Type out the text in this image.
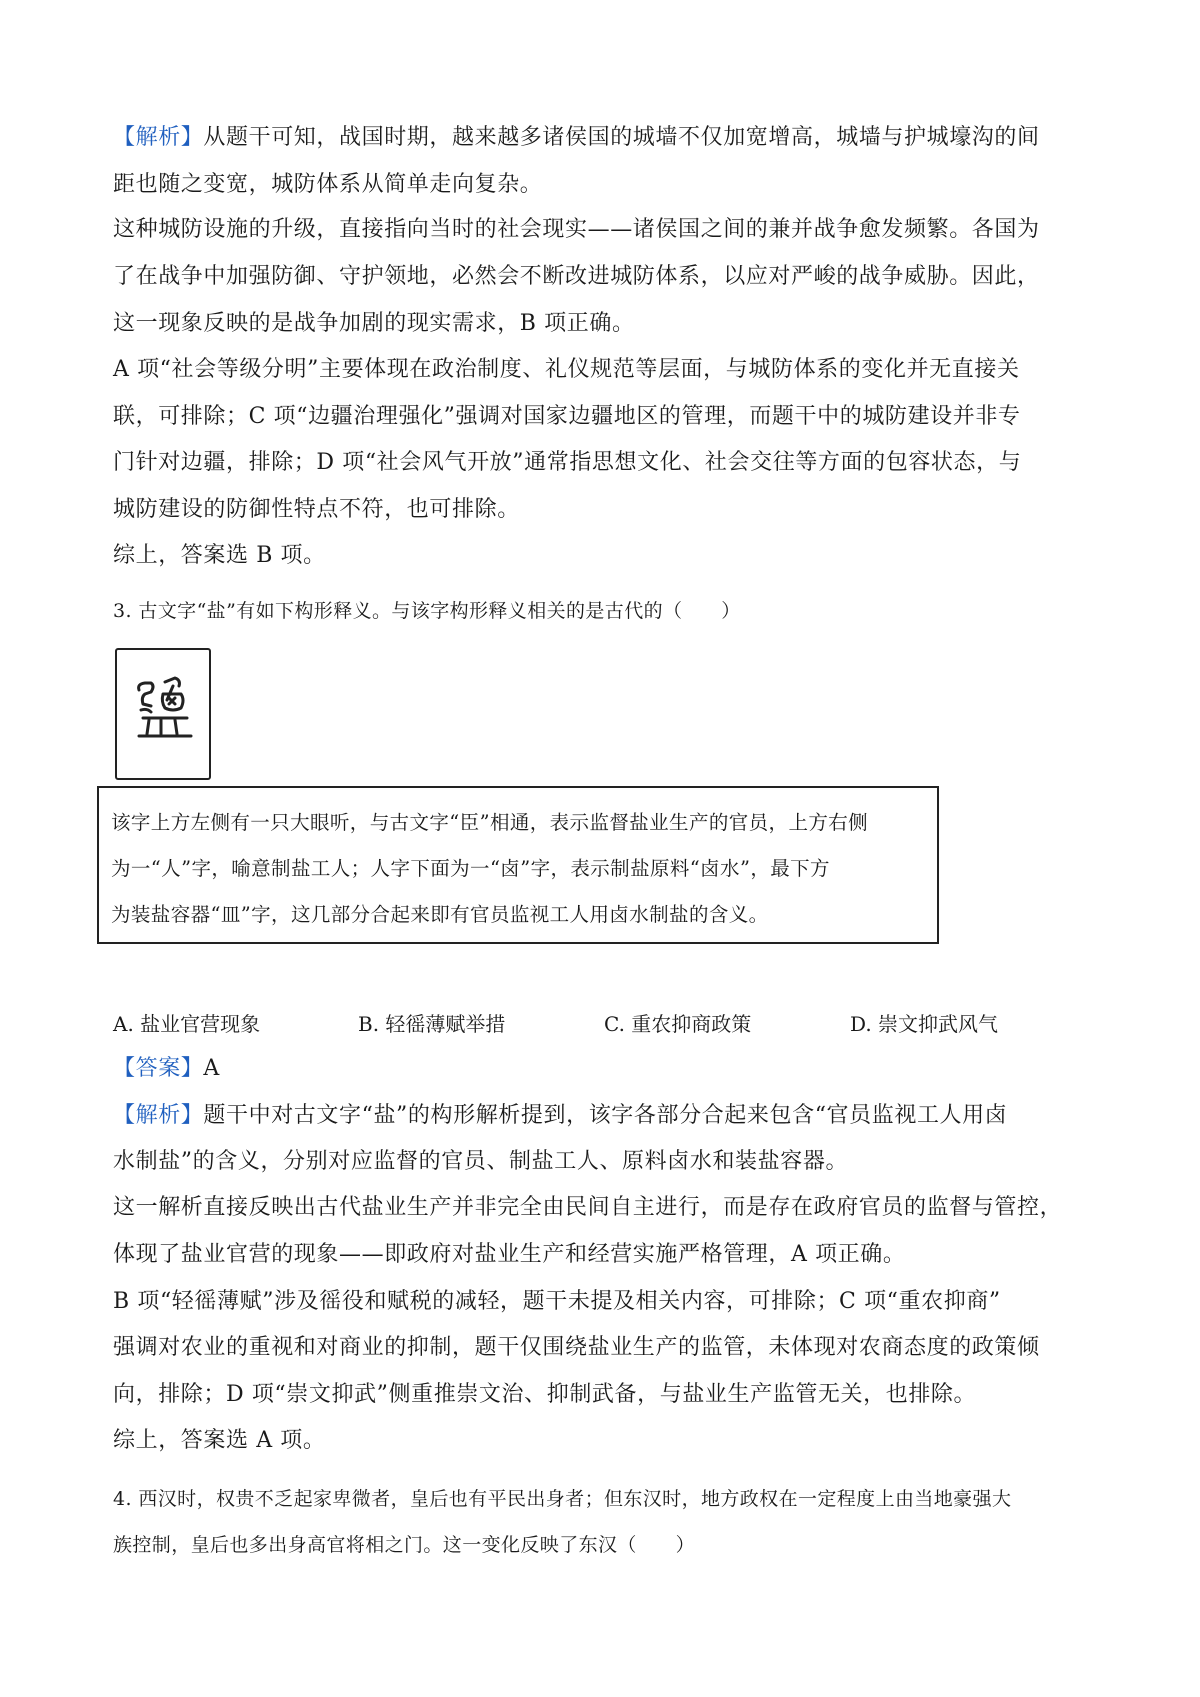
【解析】从题干可知，战国时期，越来越多诸侯国的城墙不仅加宽增高，城墙与护城壕沟的间
距也随之变宽，城防体系从简单走向复杂。
这种城防设施的升级，直接指向当时的社会现实——诸侯国之间的兼并战争愈发频繁。各国为
了在战争中加强防御、守护领地，必然会不断改进城防体系，以应对严峻的战争威胁。因此，
这一现象反映的是战争加剧的现实需求，B 项正确。
A 项“社会等级分明”主要体现在政治制度、礼仪规范等层面，与城防体系的变化并无直接关
联，可排除；C 项“边疆治理强化”强调对国家边疆地区的管理，而题干中的城防建设并非专
门针对边疆，排除；D 项“社会风气开放”通常指思想文化、社会交往等方面的包容状态，与
城防建设的防御性特点不符，也可排除。
综上，答案选 B 项。
3. 古文字“盐”有如下构形释义。与该字构形释义相关的是古代的（　　）
该字上方左侧有一只大眼听，与古文字“臣”相通，表示监督盐业生产的官员，上方右侧
为一“人”字，喻意制盐工人；人字下面为一“卤”字，表示制盐原料“卤水”，最下方
为装盐容器“皿”字，这几部分合起来即有官员监视工人用卤水制盐的含义。
A. 盐业官营现象	B. 轻徭薄赋举措	C. 重农抑商政策	D. 崇文抑武风气
【答案】A
【解析】题干中对古文字“盐”的构形解析提到，该字各部分合起来包含“官员监视工人用卤
水制盐”的含义，分别对应监督的官员、制盐工人、原料卤水和装盐容器。
这一解析直接反映出古代盐业生产并非完全由民间自主进行，而是存在政府官员的监督与管控，
体现了盐业官营的现象——即政府对盐业生产和经营实施严格管理，A 项正确。
B 项“轻徭薄赋”涉及徭役和赋税的减轻，题干未提及相关内容，可排除；C 项“重农抑商”
强调对农业的重视和对商业的抑制，题干仅围绕盐业生产的监管，未体现对农商态度的政策倾
向，排除；D 项“崇文抑武”侧重推崇文治、抑制武备，与盐业生产监管无关，也排除。
综上，答案选 A 项。
4. 西汉时，权贵不乏起家卑微者，皇后也有平民出身者；但东汉时，地方政权在一定程度上由当地豪强大
族控制，皇后也多出身高官将相之门。这一变化反映了东汉（　　）
